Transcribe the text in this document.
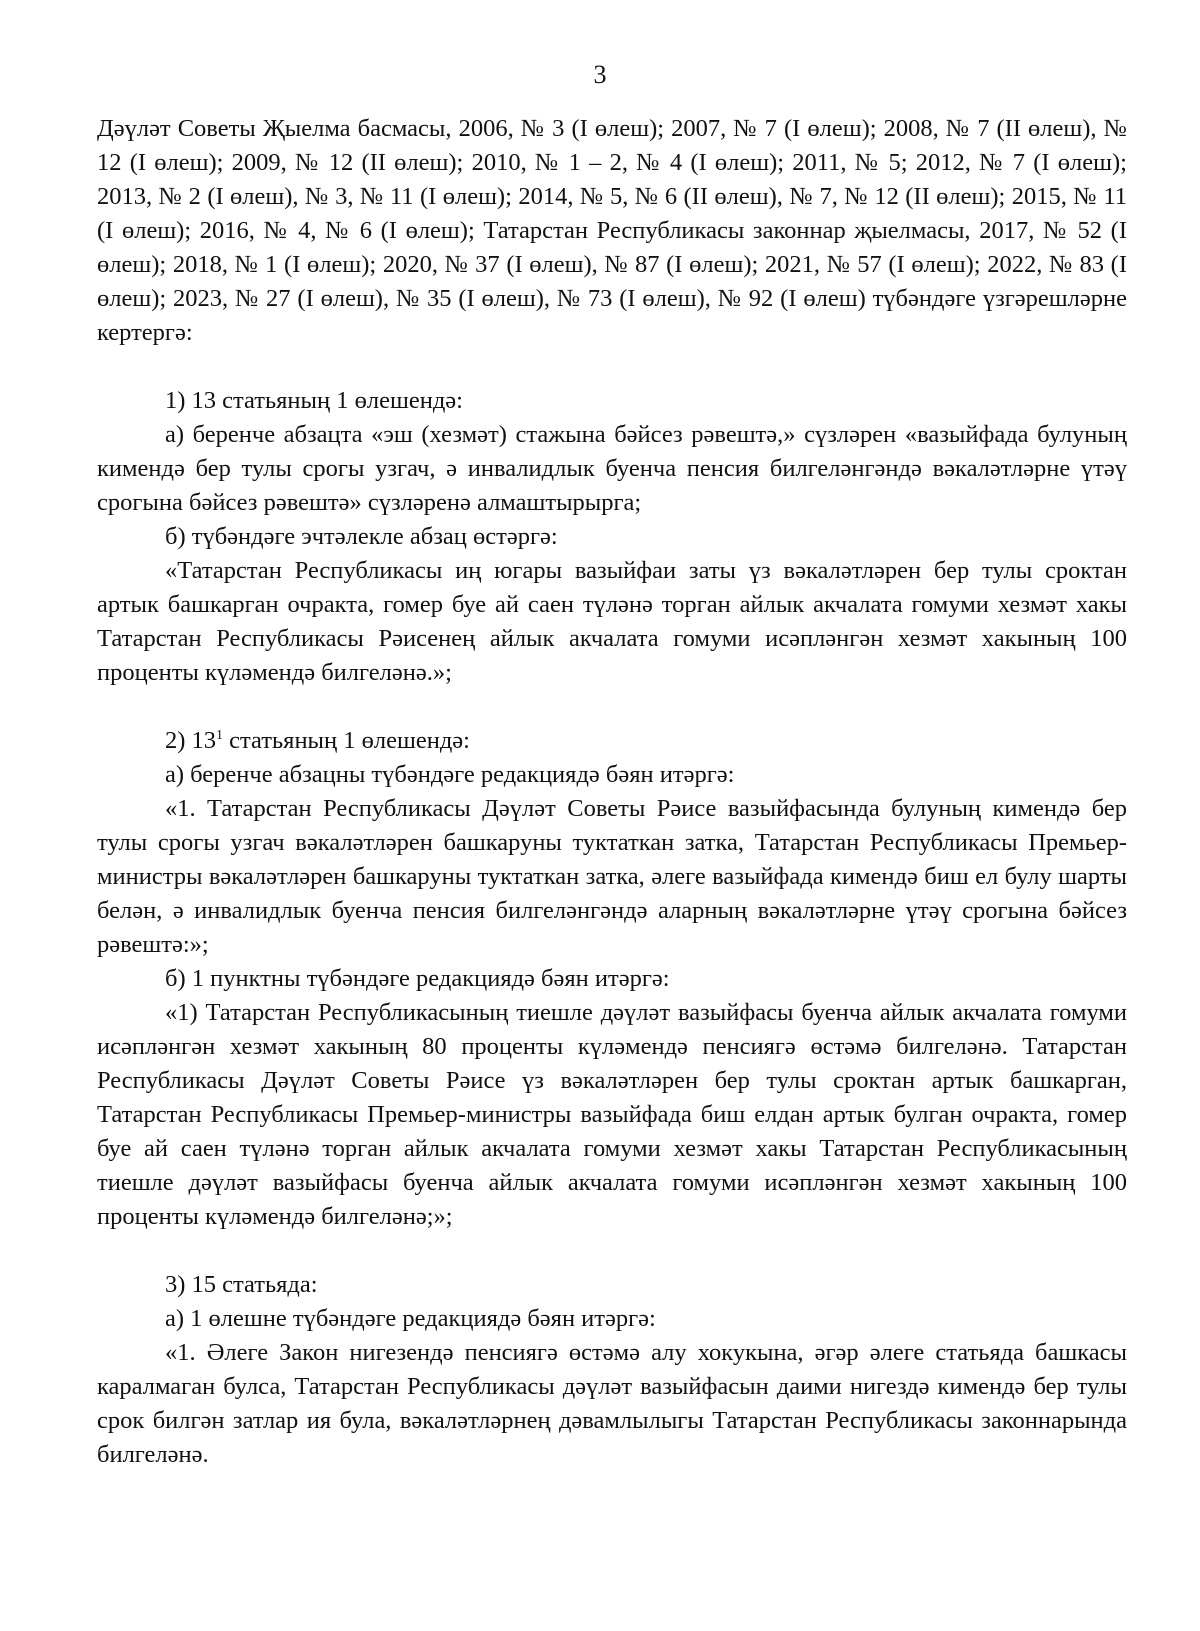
3

Дәүләт Советы Җыелма басмасы, 2006, № 3 (I өлеш); 2007, № 7 (I өлеш); 2008, № 7 (II өлеш), № 12 (I өлеш); 2009, № 12 (II өлеш); 2010, № 1 – 2, № 4 (I өлеш); 2011, № 5; 2012, № 7 (I өлеш); 2013, № 2 (I өлеш), № 3, № 11 (I өлеш); 2014, № 5, № 6 (II өлеш), № 7, № 12 (II өлеш); 2015, № 11 (I өлеш); 2016, № 4, № 6 (I өлеш); Татарстан Республикасы законнар җыелмасы, 2017, № 52 (I өлеш); 2018, № 1 (I өлеш); 2020, № 37 (I өлеш), № 87 (I өлеш); 2021, № 57 (I өлеш); 2022, № 83 (I өлеш); 2023, № 27 (I өлеш), № 35 (I өлеш), № 73 (I өлеш), № 92 (I өлеш) түбәндәге үзгәрешләрне кертергә:

1) 13 статьяның 1 өлешендә:

а) беренче абзацта «эш (хезмәт) стажына бәйсез рәвештә,» сүзләрен «вазыйфада булуның кимендә бер тулы срогы узгач, ә инвалидлык буенча пенсия билгеләнгәндә вәкаләтләрне үтәү срогына бәйсез рәвештә» сүзләренә алмаштырырга;

б) түбәндәге эчтәлекле абзац өстәргә:

«Татарстан Республикасы иң югары вазыйфаи заты үз вәкаләтләрен бер тулы сроктан артык башкарган очракта, гомер буе ай саен түләнә торган айлык акчалата гомуми хезмәт хакы Татарстан Республикасы Рәисенең айлык акчалата гомуми исәпләнгән хезмәт хакының 100 проценты күләмендә билгеләнә.»;

2) $13^1$ статьяның 1 өлешендә:

а) беренче абзацны түбәндәге редакциядә бәян итәргә:

«1. Татарстан Республикасы Дәүләт Советы Рәисе вазыйфасында булуның кимендә бер тулы срогы узгач вәкаләтләрен башкаруны туктаткан затка, Татарстан Республикасы Премьер-министры вәкаләтләрен башкаруны туктаткан затка, әлеге вазыйфада кимендә биш ел булу шарты белән, ә инвалидлык буенча пенсия билгеләнгәндә аларның вәкаләтләрне үтәү срогына бәйсез рәвештә:»;

б) 1 пунктны түбәндәге редакциядә бәян итәргә:

«1) Татарстан Республикасының тиешле дәүләт вазыйфасы буенча айлык акчалата гомуми исәпләнгән хезмәт хакының 80 проценты күләмендә пенсиягә өстәмә билгеләнә. Татарстан Республикасы Дәүләт Советы Рәисе үз вәкаләтләрен бер тулы сроктан артык башкарган, Татарстан Республикасы Премьер-министры вазыйфада биш елдан артык булган очракта, гомер буе ай саен түләнә торган айлык акчалата гомуми хезмәт хакы Татарстан Республикасының тиешле дәүләт вазыйфасы буенча айлык акчалата гомуми исәпләнгән хезмәт хакының 100 проценты күләмендә билгеләнә;»;

3) 15 статьяда:

а) 1 өлешне түбәндәге редакциядә бәян итәргә:

«1. Әлеге Закон нигезендә пенсиягә өстәмә алу хокукына, әгәр әлеге статьяда башкасы каралмаган булса, Татарстан Республикасы дәүләт вазыйфасын даими нигездә кимендә бер тулы срок билгән затлар ия була, вәкаләтләрнең дәвамлылыгы Татарстан Республикасы законнарында билгеләнә.
